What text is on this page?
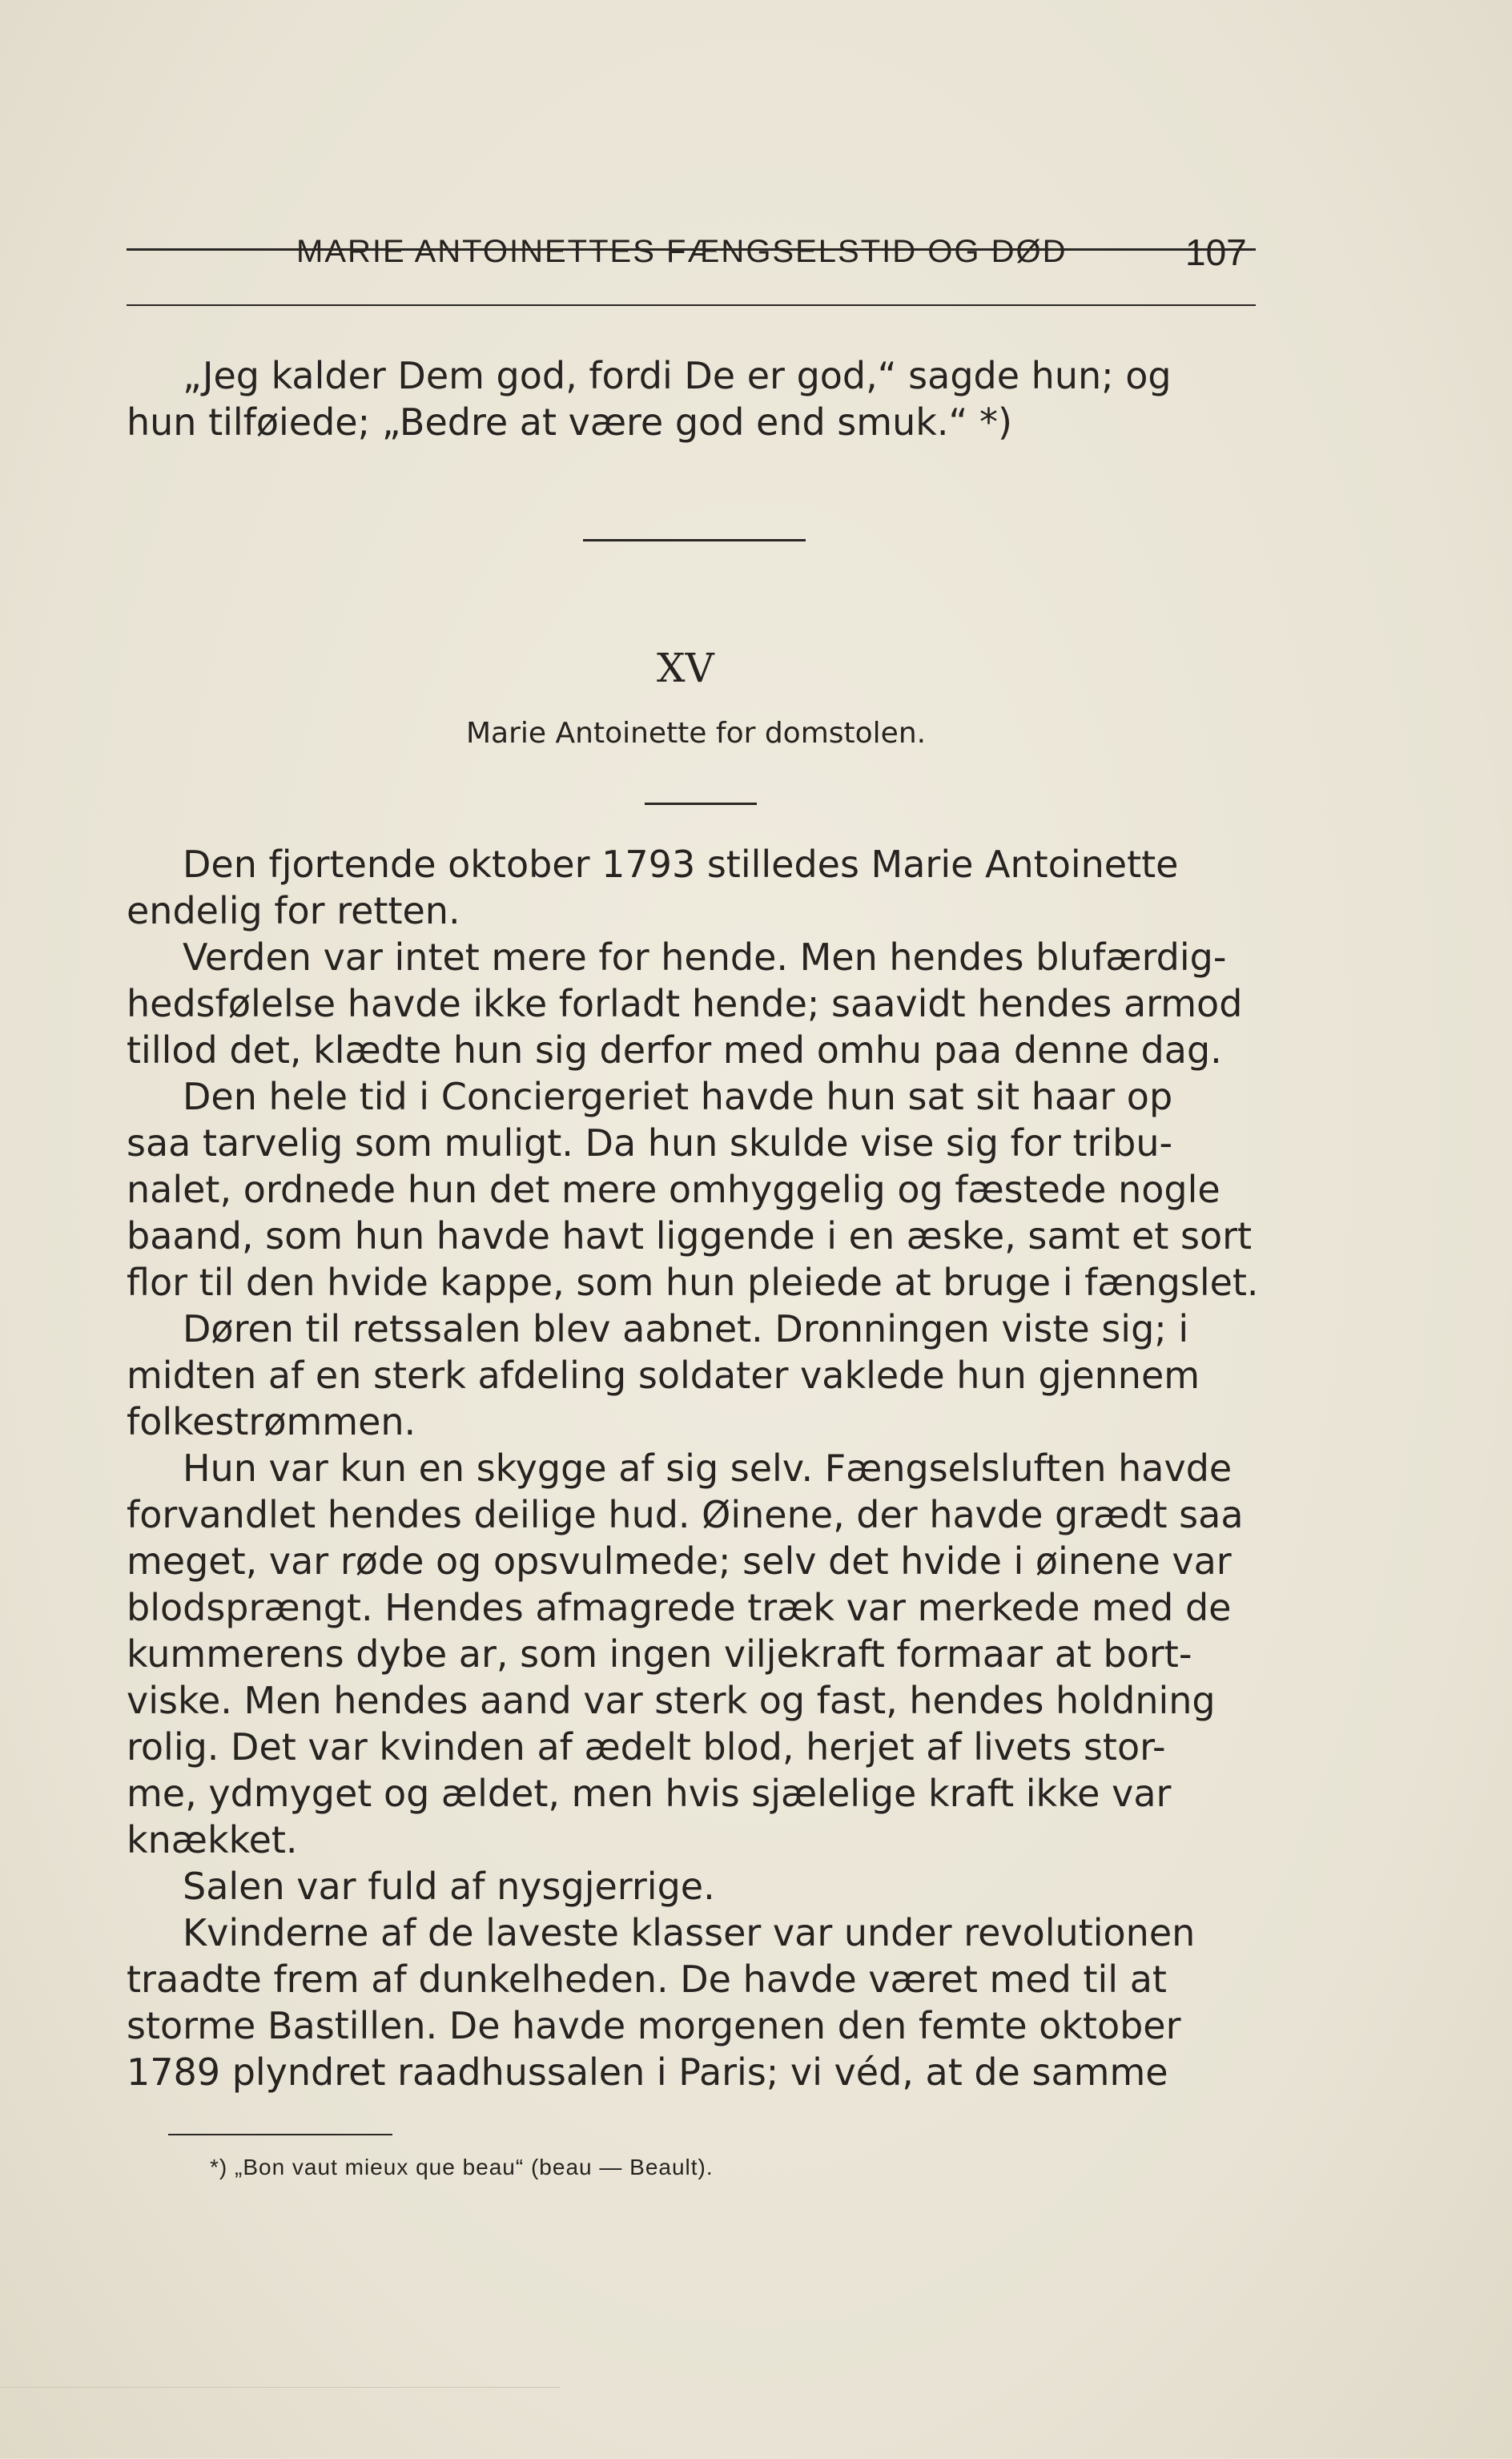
MARIE ANTOINETTES FÆNGSELSTID OG DØD	107
„Jeg kalder Dem god, fordi De er god,“ sagde hun; og
hun tilføiede; „Bedre at være god end smuk.“ *)
XV
Marie Antoinette for domstolen.
Den fjortende oktober 1793 stilledes Marie Antoinette
endelig for retten.
Verden var intet mere for hende. Men hendes blufærdig-
hedsfølelse havde ikke forladt hende; saavidt hendes armod
tillod det, klædte hun sig derfor med omhu paa denne dag.
Den hele tid i Conciergeriet havde hun sat sit haar op
saa tarvelig som muligt. Da hun skulde vise sig for tribu-
nalet, ordnede hun det mere omhyggelig og fæstede nogle
baand, som hun havde havt liggende i en æske, samt et sort
flor til den hvide kappe, som hun pleiede at bruge i fængslet.
Døren til retssalen blev aabnet. Dronningen viste sig; i
midten af en sterk afdeling soldater vaklede hun gjennem
folkestrømmen.
Hun var kun en skygge af sig selv. Fængselsluften havde
forvandlet hendes deilige hud. Øinene, der havde grædt saa
meget, var røde og opsvulmede; selv det hvide i øinene var
blodsprængt. Hendes afmagrede træk var merkede med de
kummerens dybe ar, som ingen viljekraft formaar at bort-
viske. Men hendes aand var sterk og fast, hendes holdning
rolig. Det var kvinden af ædelt blod, herjet af livets stor-
me, ydmyget og ældet, men hvis sjælelige kraft ikke var
knækket.
Salen var fuld af nysgjerrige.
Kvinderne af de laveste klasser var under revolutionen
traadte frem af dunkelheden. De havde været med til at
storme Bastillen. De havde morgenen den femte oktober
1789 plyndret raadhussalen i Paris; vi véd, at de samme
*) „Bon vaut mieux que beau“ (beau — Beault).
